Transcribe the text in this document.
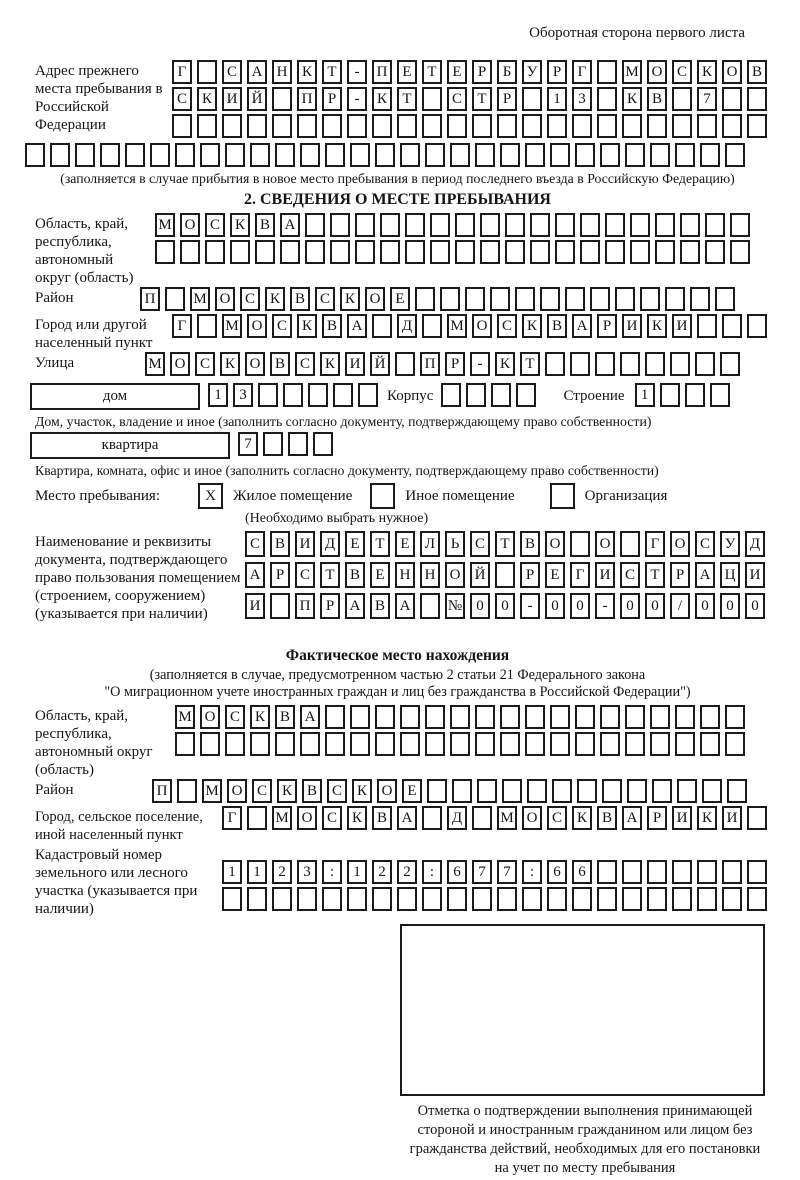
Оборотная сторона первого листа
Адрес прежнего места пребывания в Российской Федерации
Г	С А Н К Т - П Е Т Е Р Б У Р Г	М О С К О В
С К И Й	П Р - К Т	С Т Р	1 3	К В	7
(заполняется в случае прибытия в новое место пребывания в период последнего въезда в Российскую Федерацию)
2. СВЕДЕНИЯ О МЕСТЕ ПРЕБЫВАНИЯ
Область, край, республика, автономный округ (область)
М О С К В А
Район	П	М О С К В С К О Е
Город или другой населенный пункт
Г	М О С К В А	Д	М О С К В А Р И К И
Улица	М О С К О В С К И Й	П Р - К Т
дом	1 3	Корпус	Строение	1
Дом, участок, владение и иное (заполнить согласно документу, подтверждающему право собственности)
квартира	7
Квартира, комната, офис и иное (заполнить согласно документу, подтверждающему право собственности)
Место пребывания:	X	Жилое помещение	Иное помещение	Организация
(Необходимо выбрать нужное)
Наименование и реквизиты документа, подтверждающего право пользования помещением (строением, сооружением) (указывается при наличии)
С В И Д Е Т Е Л Ь С Т В О	О	Г О С У Д
А Р С Т В Е Н Н О Й	Р Е Г И С Т Р А Ц И
И	П Р А В А № 0 0 - 0 0 - 0 0 / 0 0 0
Фактическое место нахождения
(заполняется в случае, предусмотренном частью 2 статьи 21 Федерального закона
"О миграционном учете иностранных граждан и лиц без гражданства в Российской Федерации")
Область, край, республика, автономный округ (область)
М О С К В А
Район	П	М О С К В С К О Е
Город, сельское поселение, иной населенный пункт
Г	М О С К В А	Д	М О С К В А Р И К И
Кадастровый номер земельного или лесного участка (указывается при наличии)
1 1 2 3 : 1 2 2 : 6 7 7 : 6 6
Отметка о подтверждении выполнения принимающей
стороной и иностранным гражданином или лицом без
гражданства действий, необходимых для его постановки
на учет по месту пребывания
